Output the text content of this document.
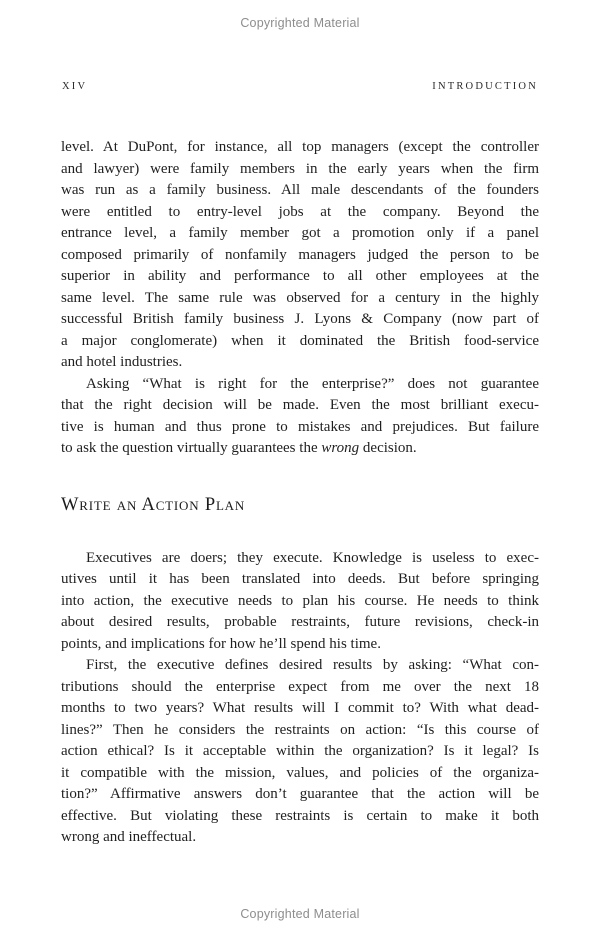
Copyrighted Material
XIV	INTRODUCTION
level. At DuPont, for instance, all top managers (except the controller
and lawyer) were family members in the early years when the firm
was run as a family business. All male descendants of the founders
were entitled to entry-level jobs at the company. Beyond the
entrance level, a family member got a promotion only if a panel
composed primarily of nonfamily managers judged the person to be
superior in ability and performance to all other employees at the
same level. The same rule was observed for a century in the highly
successful British family business J. Lyons & Company (now part of
a major conglomerate) when it dominated the British food-service
and hotel industries.
Asking “What is right for the enterprise?” does not guarantee
that the right decision will be made. Even the most brilliant execu-
tive is human and thus prone to mistakes and prejudices. But failure
to ask the question virtually guarantees the wrong decision.
Write an Action Plan
Executives are doers; they execute. Knowledge is useless to exec-
utives until it has been translated into deeds. But before springing
into action, the executive needs to plan his course. He needs to think
about desired results, probable restraints, future revisions, check-in
points, and implications for how he’ll spend his time.
First, the executive defines desired results by asking: “What con-
tributions should the enterprise expect from me over the next 18
months to two years? What results will I commit to? With what dead-
lines?” Then he considers the restraints on action: “Is this course of
action ethical? Is it acceptable within the organization? Is it legal? Is
it compatible with the mission, values, and policies of the organiza-
tion?” Affirmative answers don’t guarantee that the action will be
effective. But violating these restraints is certain to make it both
wrong and ineffectual.
Copyrighted Material
